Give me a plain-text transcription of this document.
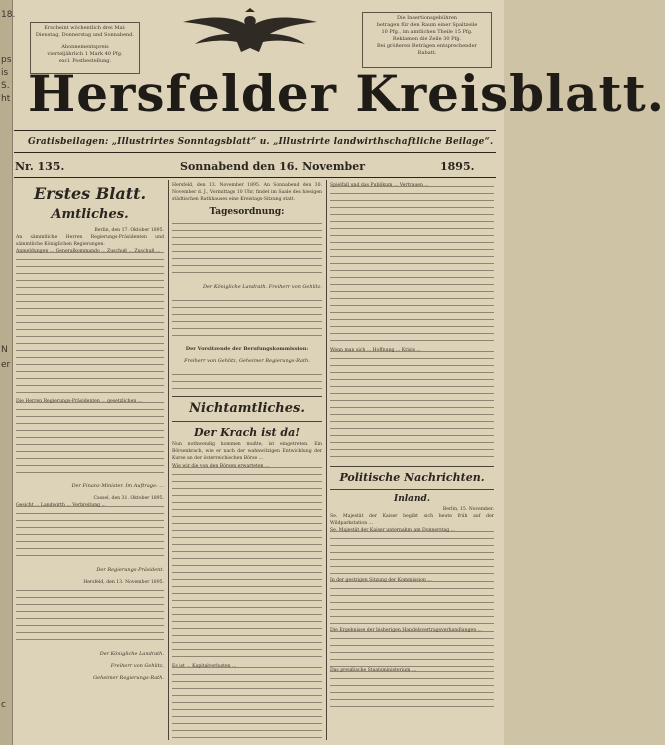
18.
ps
is
S.
ht
N
er
c
Erscheint wöchentlich drei Mal:
Dienstag, Donnerstag und Sonnabend.
Abonnementspreis
vierteljährlich 1 Mark 40 Pfg.
excl. Postbestellung.
Die Insertionsgebühren
betragen für den Raum einer Spaltzeile
10 Pfg., im amtlichen Theile 15 Pfg.
Reklamen die Zeile 30 Pfg.
Bei größeren Beträgen entsprechender
Rabatt.
Hersfelder Kreisblatt.
Gratisbeilagen: „Illustrirtes Sonntagsblatt“ u. „Illustrirte landwirthschaftliche Beilage“.
Nr. 135.	Sonnabend den 16. November	1895.
Erstes Blatt.
Amtliches.

Berlin, den 17. Oktober 1895.

An sämmtliche Herren Regierungs-Präsidenten und sämmtliche Königlichen Regierungen.

Anmeldungen ... Generalkommando ... Zuschuß ... Zuschuß ...

Die Herren Regierungs-Präsidenten ... gesetzlichen ...

Der Finanz-Minister. Im Auftrage: ...

Cassel, den 31. Oktober 1895.

Gesicht ... Landwirth ... Verbreitung ...

Der Regierungs-Präsident.

Hersfeld, den 13. November 1895.

Der Königliche Landrath.

Freiherr von Gehlitz,

Geheimer Regierungs-Rath.

Hersfeld, den 13. November 1895. An Sonnabend den 30. November d. J., Vormittags 10 Uhr, findet im Saale des hiesigen städtischen Rathhauses eine Kreistags-Sitzung statt.

Tagesordnung:

Der Königliche Landrath. Freiherr von Gehlitz.

Der Vorsitzende der Berufungskommission:

Freiherr von Gehlitz, Geheimer Regierungs-Rath.

Nichtamtliches.
Der Krach ist da!

Nun nothwendig kommen mußte, ist eingetreten. Ein Börsenkrach, wie er nach der wahnwitzigen Entwicklung der Kurse an der österreichischen Börse ...

Wie wir die von den Börsen erwarteten ...

Es ist ... Kapitalverlusten ...

Spielfall und das Publikum ... Vertrauen ...

Wenn man sich ... Hoffnung ... Krisis ...

Politische Nachrichten.
Inland.

Berlin, 15. November.

Se. Majestät der Kaiser begibt sich heute früh auf der Wildparkstation ...

Se. Majestät der Kaiser unternahm am Donnerstag ...

In der gestrigen Sitzung der Kommission ...

Die Ergebnisse der bisherigen Handelsvertragsverhandlungen ...

Das preußische Staatsministerium ...
